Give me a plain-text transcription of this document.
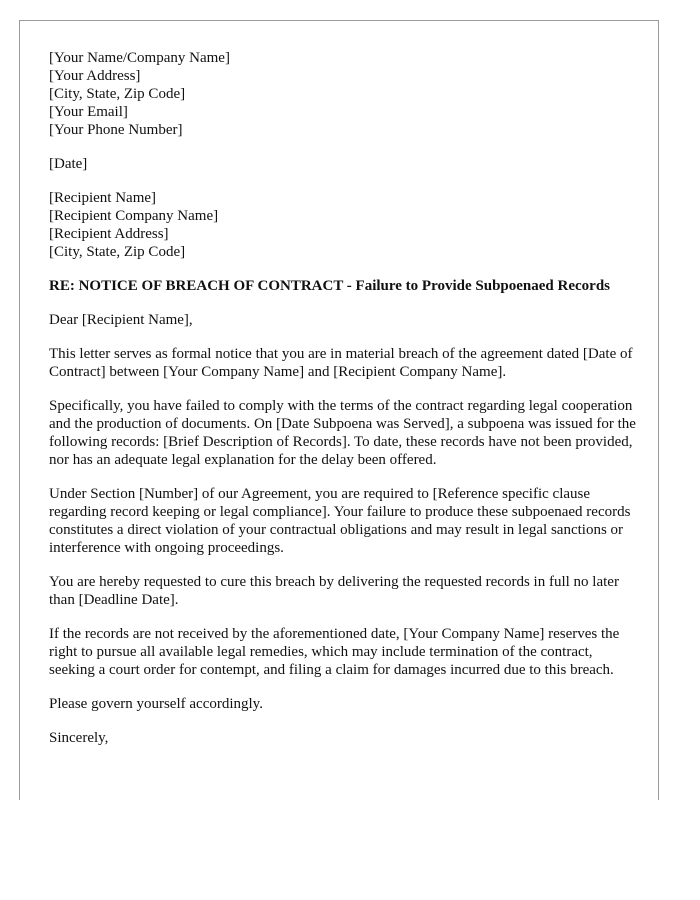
[Your Name/Company Name]
[Your Address]
[City, State, Zip Code]
[Your Email]
[Your Phone Number]
[Date]
[Recipient Name]
[Recipient Company Name]
[Recipient Address]
[City, State, Zip Code]
RE: NOTICE OF BREACH OF CONTRACT - Failure to Provide Subpoenaed Records

Dear [Recipient Name],

This letter serves as formal notice that you are in material breach of the agreement dated [Date of Contract] between [Your Company Name] and [Recipient Company Name].

Specifically, you have failed to comply with the terms of the contract regarding legal cooperation and the production of documents. On [Date Subpoena was Served], a subpoena was issued for the following records: [Brief Description of Records]. To date, these records have not been provided, nor has an adequate legal explanation for the delay been offered.

Under Section [Number] of our Agreement, you are required to [Reference specific clause regarding record keeping or legal compliance]. Your failure to produce these subpoenaed records constitutes a direct violation of your contractual obligations and may result in legal sanctions or interference with ongoing proceedings.

You are hereby requested to cure this breach by delivering the requested records in full no later than [Deadline Date].

If the records are not received by the aforementioned date, [Your Company Name] reserves the right to pursue all available legal remedies, which may include termination of the contract, seeking a court order for contempt, and filing a claim for damages incurred due to this breach.

Please govern yourself accordingly.

Sincerely,
